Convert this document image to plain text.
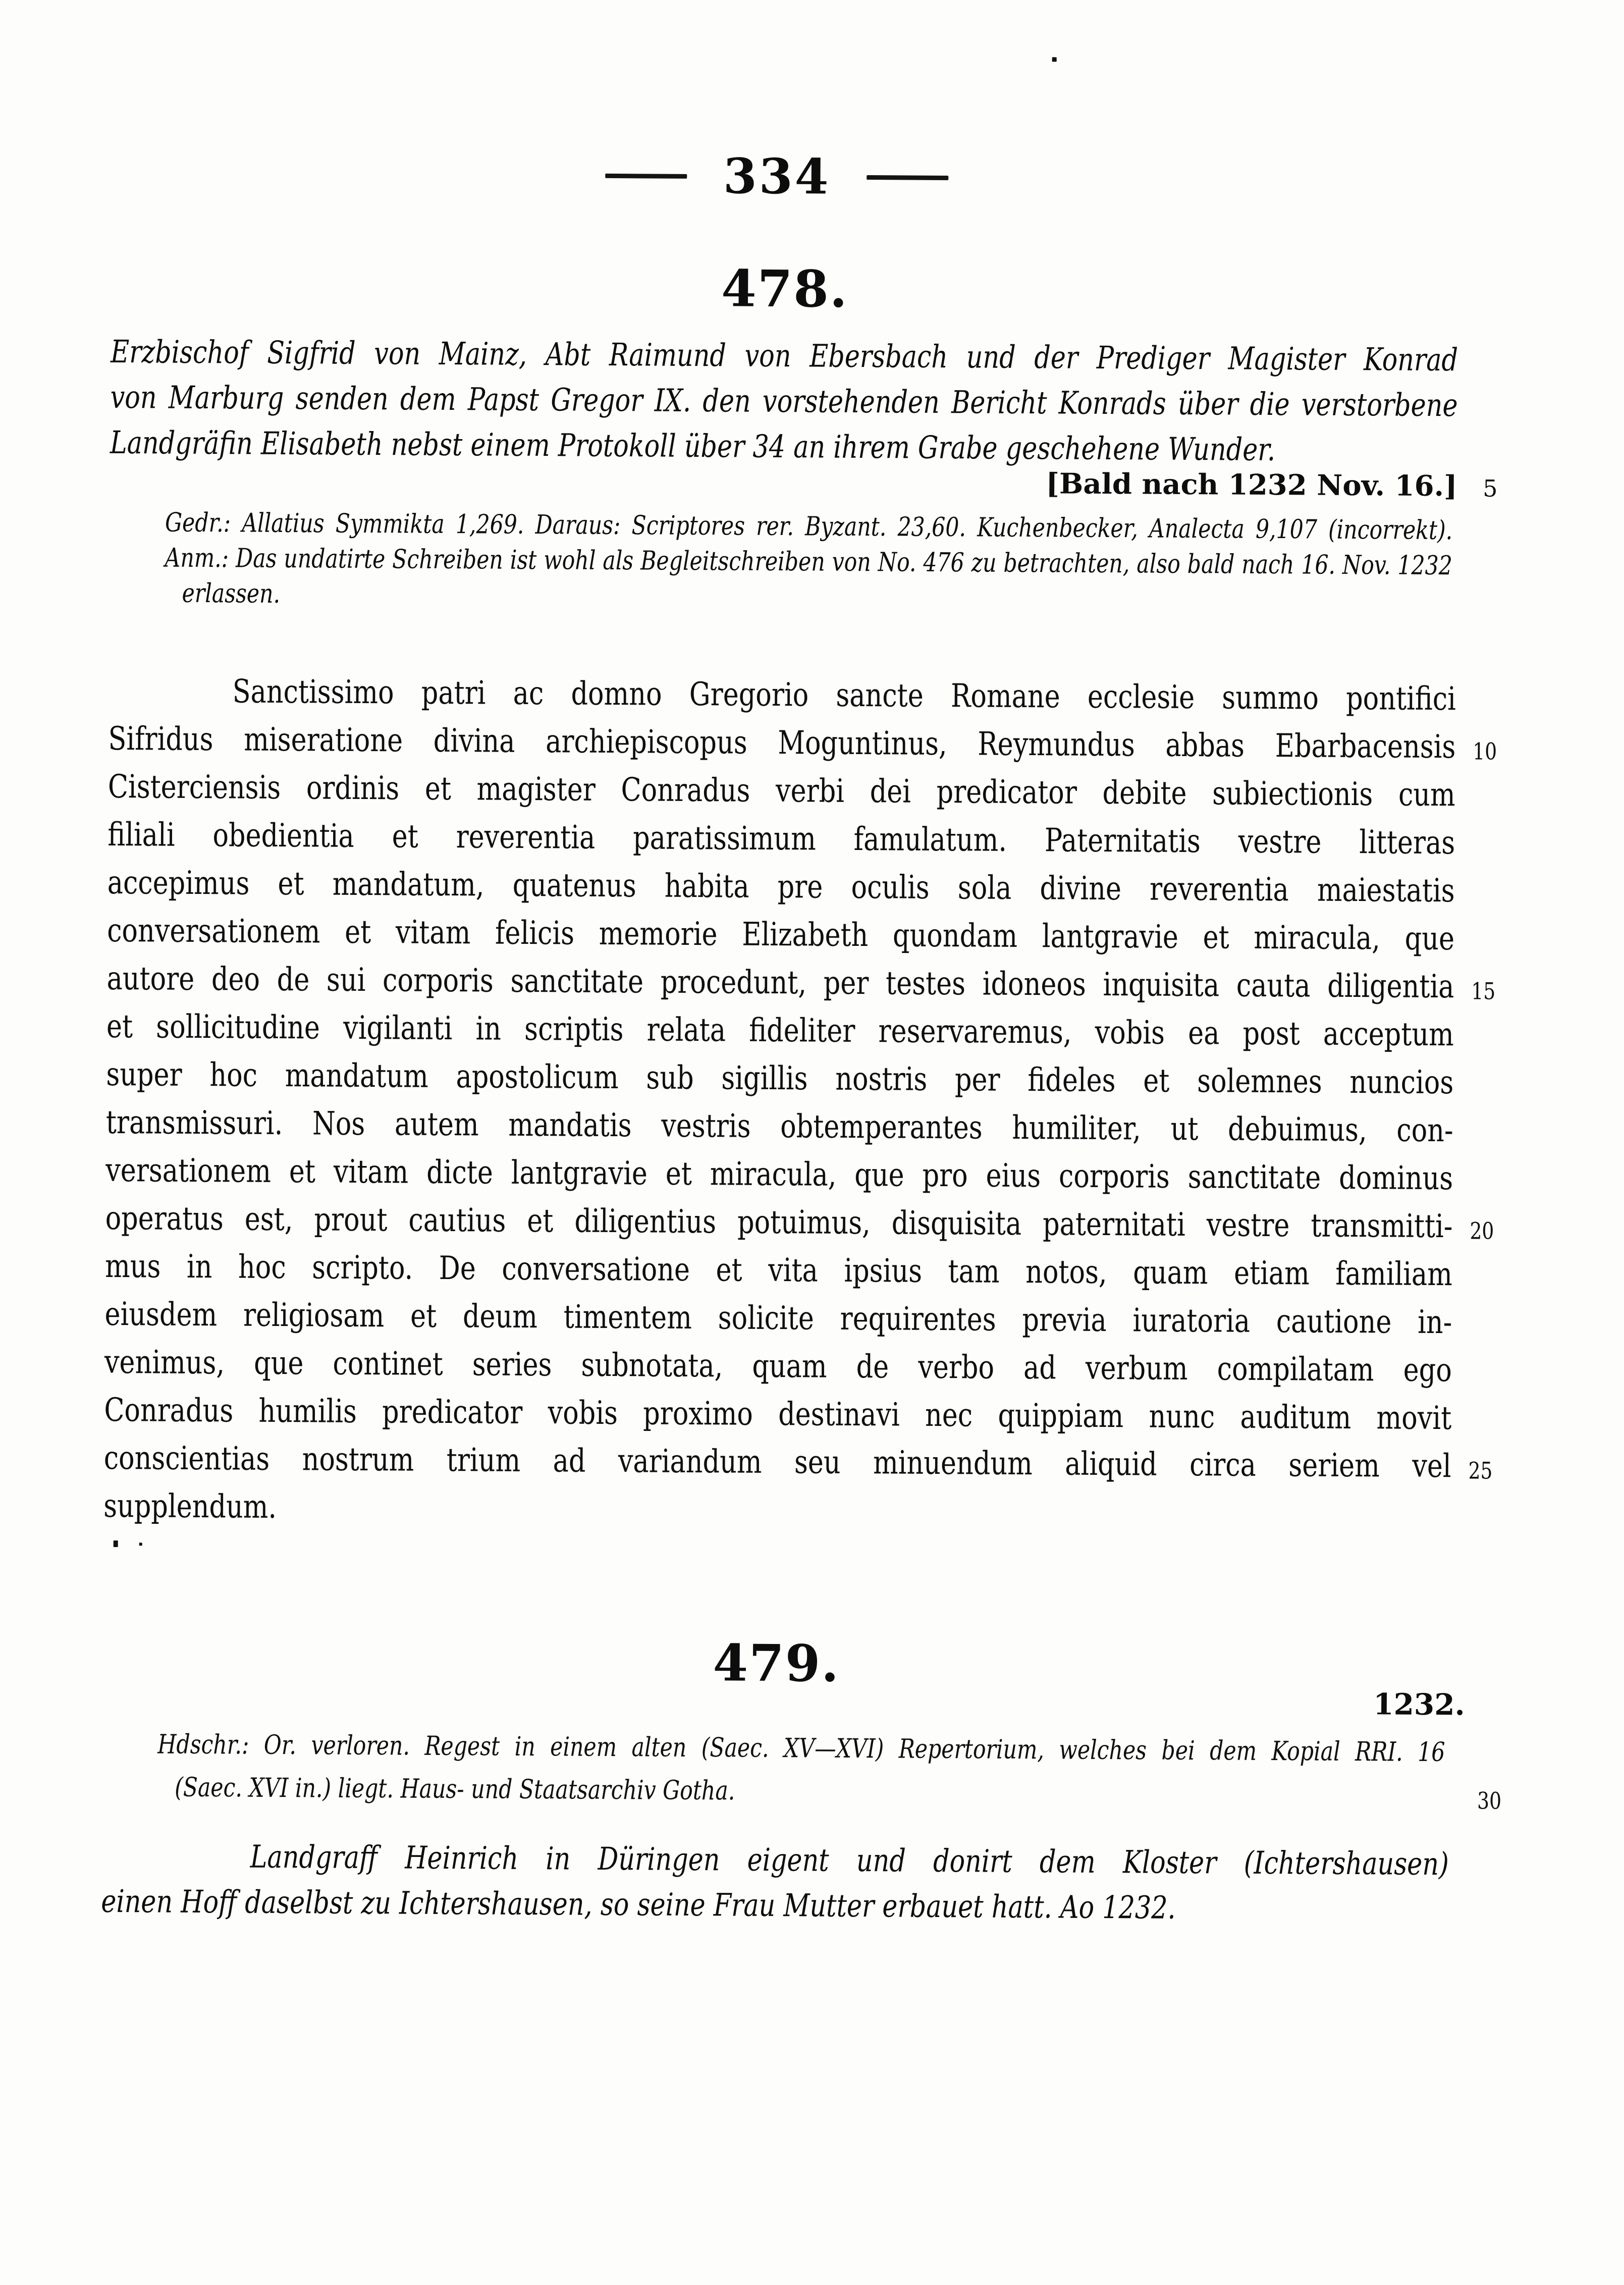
334
478.
Erzbischof Sigfrid von Mainz, Abt Raimund von Ebersbach und der Prediger Magister Konrad
von Marburg senden dem Papst Gregor IX. den vorstehenden Bericht Konrads über die verstorbene
Landgräfin Elisabeth nebst einem Protokoll über 34 an ihrem Grabe geschehene Wunder.
[Bald nach 1232 Nov. 16.] 5
Gedr.: Allatius Symmikta 1,269. Daraus: Scriptores rer. Byzant. 23,60. Kuchenbecker, Analecta 9,107 (incorrekt).
Anm.: Das undatirte Schreiben ist wohl als Begleitschreiben von No. 476 zu betrachten, also bald nach 16. Nov. 1232
erlassen.
Sanctissimo patri ac domno Gregorio sancte Romane ecclesie summo pontifici
Sifridus miseratione divina archiepiscopus Moguntinus, Reymundus abbas Ebarbacensis 10
Cisterciensis ordinis et magister Conradus verbi dei predicator debite subiectionis cum
filiali obedientia et reverentia paratissimum famulatum. Paternitatis vestre litteras
accepimus et mandatum, quatenus habita pre oculis sola divine reverentia maiestatis
conversationem et vitam felicis memorie Elizabeth quondam lantgravie et miracula, que
autore deo de sui corporis sanctitate procedunt, per testes idoneos inquisita cauta diligentia 15
et sollicitudine vigilanti in scriptis relata fideliter reservaremus, vobis ea post acceptum
super hoc mandatum apostolicum sub sigillis nostris per fideles et solemnes nuncios
transmissuri. Nos autem mandatis vestris obtemperantes humiliter, ut debuimus, con-
versationem et vitam dicte lantgravie et miracula, que pro eius corporis sanctitate dominus
operatus est, prout cautius et diligentius potuimus, disquisita paternitati vestre transmitti- 20
mus in hoc scripto. De conversatione et vita ipsius tam notos, quam etiam familiam
eiusdem religiosam et deum timentem solicite requirentes previa iuratoria cautione in-
venimus, que continet series subnotata, quam de verbo ad verbum compilatam ego
Conradus humilis predicator vobis proximo destinavi nec quippiam nunc auditum movit
conscientias nostrum trium ad variandum seu minuendum aliquid circa seriem vel 25
supplendum.
479.
1232.
Hdschr.: Or. verloren. Regest in einem alten (Saec. XV—XVI) Repertorium, welches bei dem Kopial RRI. 16
(Saec. XVI in.) liegt. Haus- und Staatsarchiv Gotha.	30
Landgraff Heinrich in Düringen eigent und donirt dem Kloster (Ichtershausen)
einen Hoff daselbst zu Ichtershausen, so seine Frau Mutter erbauet hatt. Ao 1232.
